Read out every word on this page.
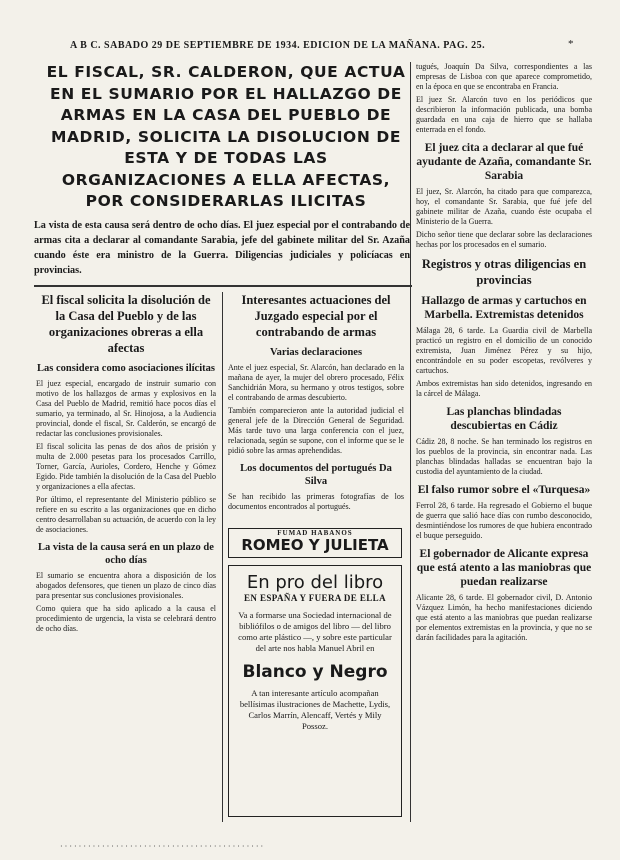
A B C. SABADO 29 DE SEPTIEMBRE DE 1934. EDICION DE LA MAÑANA. PAG. 25.	*
EL FISCAL, SR. CALDERON, QUE ACTUA EN EL SUMARIO POR EL HALLAZGO DE ARMAS EN LA CASA DEL PUEBLO DE MADRID, SOLICITA LA DISOLUCION DE ESTA Y DE TODAS LAS ORGANIZACIONES A ELLA AFECTAS, POR CONSIDERARLAS ILICITAS
La vista de esta causa será dentro de ocho días. El juez especial por el contrabando de armas cita a declarar al comandante Sarabia, jefe del gabinete militar del Sr. Azaña cuando éste era ministro de la Guerra. Diligencias judiciales y policíacas en provincias.
El fiscal solicita la disolución de la Casa del Pueblo y de las organizaciones obreras a ella afectas
Las considera como asociaciones ilícitas

El juez especial, encargado de instruir sumario con motivo de los hallazgos de armas y explosivos en la Casa del Pueblo de Madrid, remitió hace pocos días el sumario, ya terminado, al Sr. Hinojosa, a la Audiencia provincial, donde el fiscal, Sr. Calderón, se encargó de redactar las conclusiones provisionales.

El fiscal solicita las penas de dos años de prisión y multa de 2.000 pesetas para los procesados Carrillo, Torner, García, Aurioles, Cordero, Henche y Gómez Egido. Pide también la disolución de la Casa del Pueblo y organizaciones a ella afectas.

Por último, el representante del Ministerio público se refiere en su escrito a las organizaciones que en dicho centro desarrollaban su actuación, de acuerdo con la ley de asociaciones.

La vista de la causa será en un plazo de ocho días

El sumario se encuentra ahora a disposición de los abogados defensores, que tienen un plazo de cinco días para presentar sus conclusiones provisionales.

Como quiera que ha sido aplicado a la causa el procedimiento de urgencia, la vista se celebrará dentro de ocho días.

Interesantes actuaciones del Juzgado especial por el contrabando de armas
Varias declaraciones

Ante el juez especial, Sr. Alarcón, han declarado en la mañana de ayer, la mujer del obrero procesado, Félix Sanchidrián Mora, su hermano y otros testigos, sobre el contrabando de armas descubierto.

También comparecieron ante la autoridad judicial el general jefe de la Dirección General de Seguridad. Más tarde tuvo una larga conferencia con el juez, relacionada, según se supone, con el informe que se le pidió sobre las armas aprehendidas.

Los documentos del portugués Da Silva

Se han recibido las primeras fotografías de los documentos encontrados al portugués.

FUMAD HABANOS
ROMEO Y JULIETA
En pro del libro
EN ESPAÑA Y FUERA DE ELLA
Va a formarse una Sociedad internacional de bibliófilos o de amigos del libro — del libro como arte plástico —, y sobre este particular del arte nos habla Manuel Abril en
Blanco y Negro
A tan interesante artículo acompañan bellísimas ilustraciones de Machette, Lydis, Carlos Marrín, Alencaff, Vertés y Mily Possoz.

tugués, Joaquín Da Silva, correspondientes a las empresas de Lisboa con que aparece comprometido, en la época en que se encontraba en Francia.

El juez Sr. Alarcón tuvo en los periódicos que describieron la información publicada, una bomba guardada en una caja de hierro que se hallaba enterrada en el fondo.

El juez cita a declarar al que fué ayudante de Azaña, comandante Sr. Sarabia

El juez, Sr. Alarcón, ha citado para que comparezca, hoy, el comandante Sr. Sarabia, que fué jefe del gabinete militar de Azaña, cuando éste ocupaba el Ministerio de la Guerra.

Dicho señor tiene que declarar sobre las declaraciones hechas por los procesados en el sumario.

Registros y otras diligencias en provincias
Hallazgo de armas y cartuchos en Marbella. Extremistas detenidos

Málaga 28, 6 tarde. La Guardia civil de Marbella practicó un registro en el domicilio de un conocido extremista, Juan Jiménez Pérez y su hijo, encontrándole en su poder escopetas, revólveres y cartuchos.

Ambos extremistas han sido detenidos, ingresando en la cárcel de Málaga.

Las planchas blindadas descubiertas en Cádiz

Cádiz 28, 8 noche. Se han terminado los registros en los pueblos de la provincia, sin encontrar nada. Las planchas blindadas halladas se encuentran bajo la custodia del ayuntamiento de la ciudad.

El falso rumor sobre el «Turquesa»

Ferrol 28, 6 tarde. Ha regresado el Gobierno el buque de guerra que salió hace días con rumbo desconocido, desmintiéndose los rumores de que hubiera encontrado el buque perseguido.

El gobernador de Alicante expresa que está atento a las maniobras que puedan realizarse

Alicante 28, 6 tarde. El gobernador civil, D. Antonio Vázquez Limón, ha hecho manifestaciones diciendo que está atento a las maniobras que puedan realizarse por elementos extremistas en la provincia, y que no se darán facilidades para la agitación.

· · · · · · · · · · · · · · · · · · · · · · · · · · · · · · · · · · · · · · · · · · · ·
